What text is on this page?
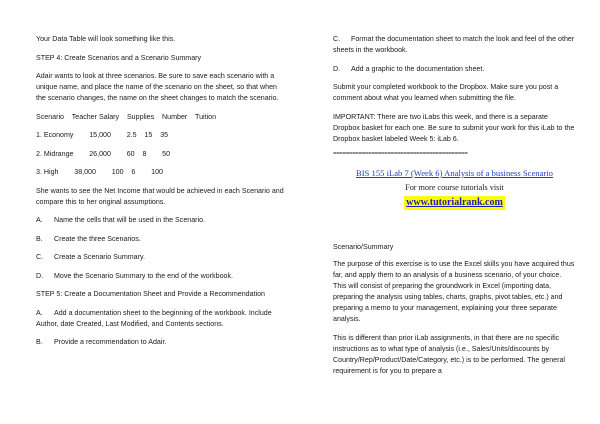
Your Data Table will look something like this.

STEP 4: Create Scenarios and a Scenario Summary

Adair wants to look at three scenarios. Be sure to save each scenario with a unique name, and place the name of the scenario on the sheet, so that when the scenario changes, the name on the sheet changes to match the scenario.

Scenario    Teacher Salary    Supplies    Number    Tuition

1. Economy        15,000        2.5    15    35

2. Midrange        26,000        60    8        50

3. High        38,000        100    6        100

She wants to see the Net Income that would be achieved in each Scenario and compare this to her original assumptions.

A. Name the cells that will be used in the Scenario.

B. Create the three Scenarios.

C. Create a Scenario Summary.

D. Move the Scenario Summary to the end of the workbook.

STEP 5: Create a Documentation Sheet and Provide a Recommendation

A. Add a documentation sheet to the beginning of the workbook. Include Author, date Created, Last Modified, and Contents sections.

B. Provide a recommendation to Adair.

C. Format the documentation sheet to match the look and feel of the other sheets in the workbook.

D. Add a graphic to the documentation sheet.

Submit your completed workbook to the Dropbox. Make sure you post a comment about what you learned when submitting the file.

IMPORTANT: There are two iLabs this week, and there is a separate Dropbox basket for each one. Be sure to submit your work for this iLab to the Dropbox basket labeled Week 5: iLab 6.

==========================================

BIS 155 iLab 7 (Week 6) Analysis of a business Scenario
For more course tutorials visit
www.tutorialrank.com

Scenario/Summary

The purpose of this exercise is to use the Excel skills you have acquired thus far, and apply them to an analysis of a business scenario, of your choice. This will consist of preparing the groundwork in Excel (importing data, preparing the analysis using tables, charts, graphs, pivot tables, etc.) and preparing a memo to your management, explaining your three separate analysis.

This is different than prior iLab assignments, in that there are no specific instructions as to what type of analysis (i.e., Sales/Units/discounts by Country/Rep/Product/Date/Category, etc.) is to be performed. The general requirement is for you to prepare a
